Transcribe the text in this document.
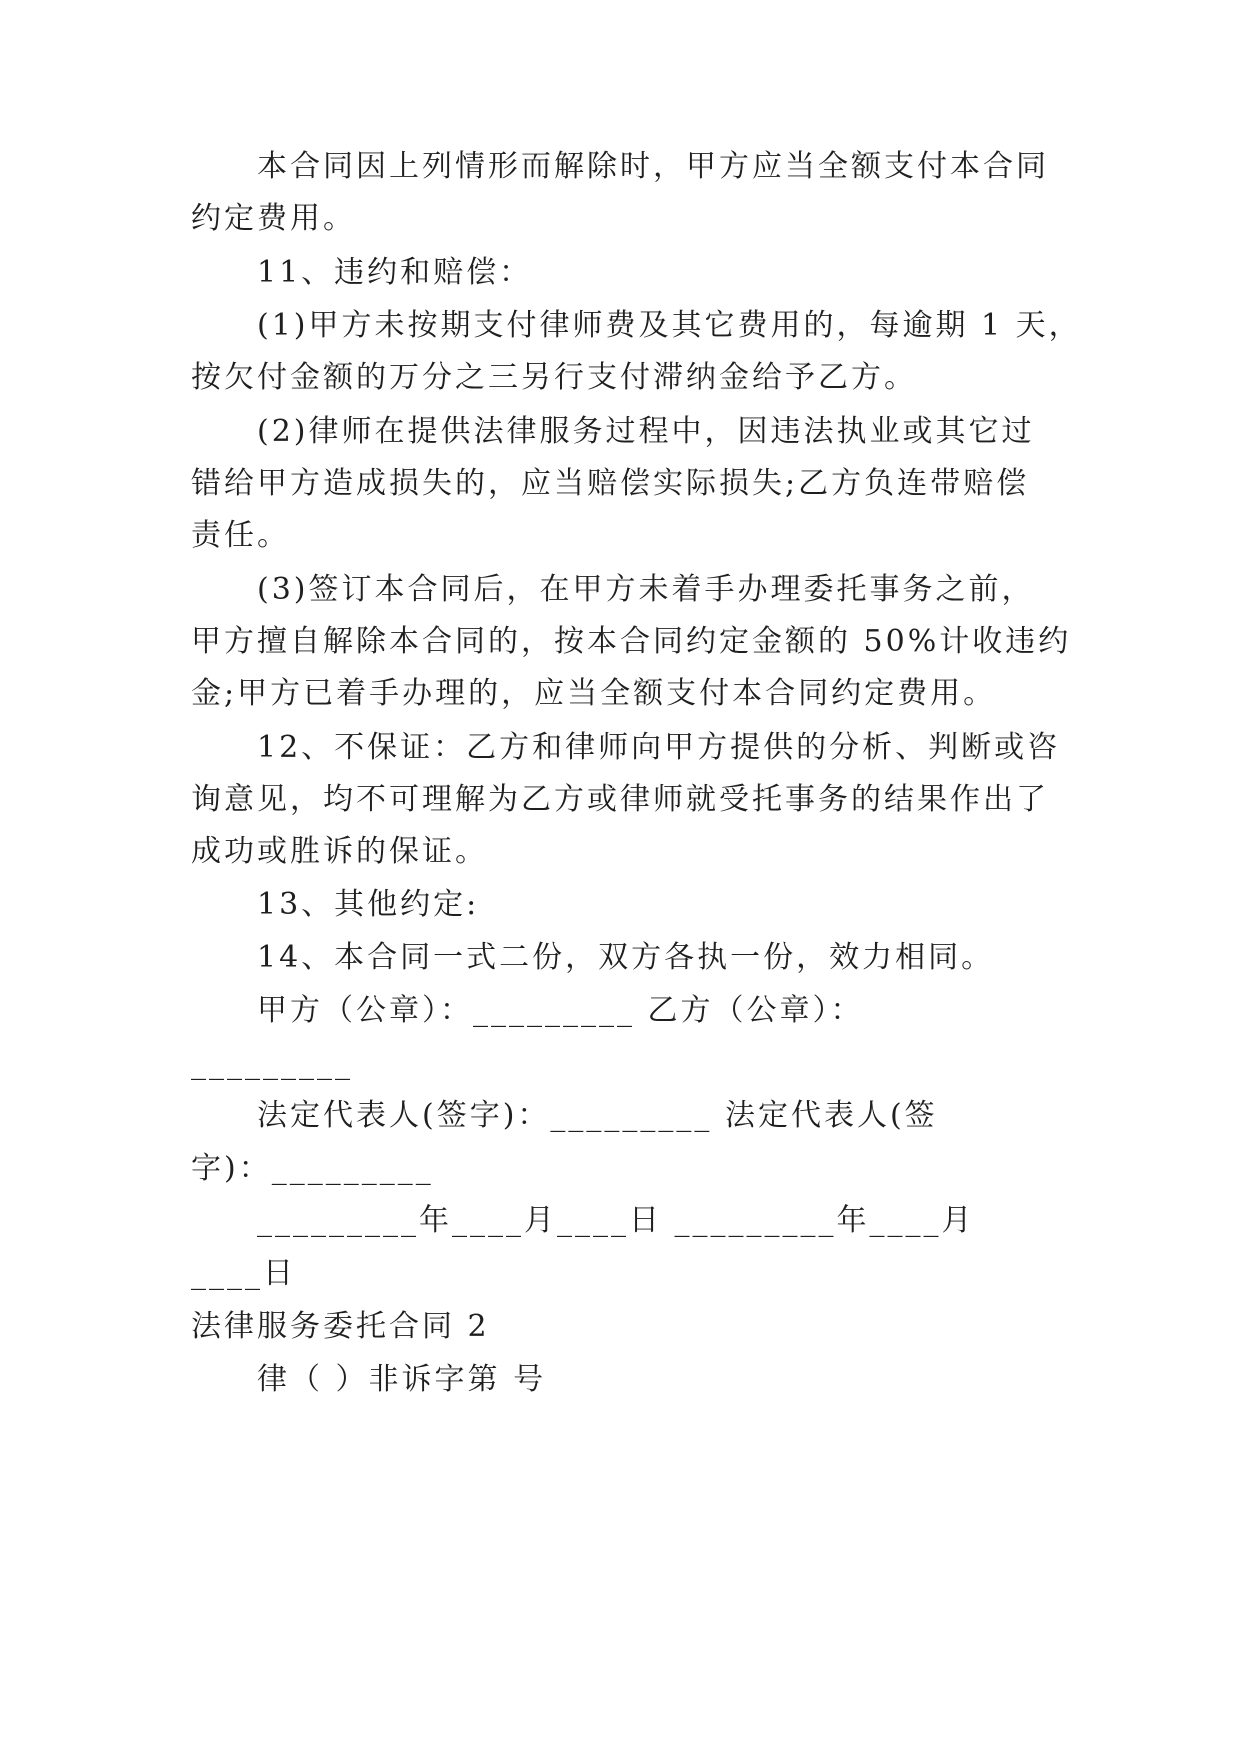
本合同因上列情形而解除时，甲方应当全额支付本合同
约定费用。
11、违约和赔偿：
(1)甲方未按期支付律师费及其它费用的，每逾期 1 天，
按欠付金额的万分之三另行支付滞纳金给予乙方。
(2)律师在提供法律服务过程中，因违法执业或其它过
错给甲方造成损失的，应当赔偿实际损失;乙方负连带赔偿
责任。
(3)签订本合同后，在甲方未着手办理委托事务之前，
甲方擅自解除本合同的，按本合同约定金额的 50%计收违约
金;甲方已着手办理的，应当全额支付本合同约定费用。
12、不保证：乙方和律师向甲方提供的分析、判断或咨
询意见，均不可理解为乙方或律师就受托事务的结果作出了
成功或胜诉的保证。
13、其他约定:
14、本合同一式二份，双方各执一份，效力相同。
甲方（公章）：_________ 乙方（公章）：
_________
法定代表人(签字)：_________ 法定代表人(签
字)：_________
_________年____月____日 _________年____月
____日
法律服务委托合同 2
律（ ）非诉字第 号
